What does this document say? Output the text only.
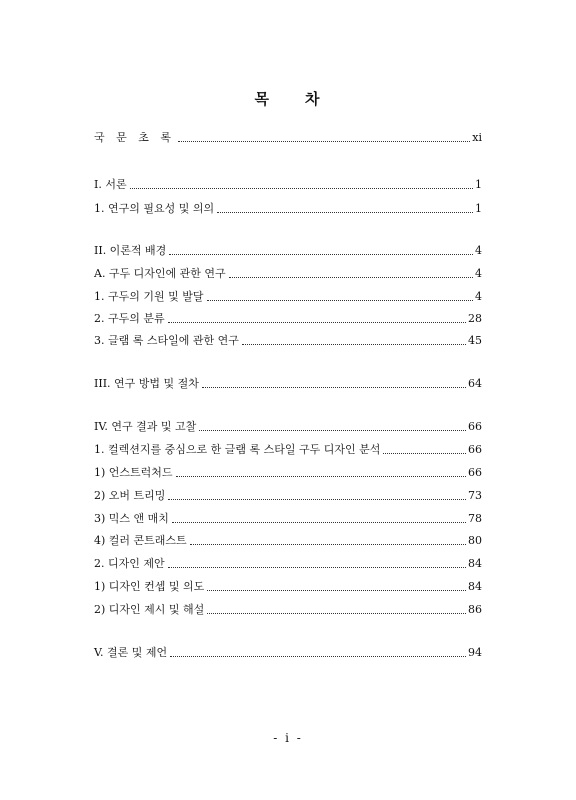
목 차
국 문 초 록	xi
I. 서론	1
1. 연구의 필요성 및 의의	1
II. 이론적 배경	4
A. 구두 디자인에 관한 연구	4
1. 구두의 기원 및 발달	4
2. 구두의 분류	28
3. 글램 록 스타일에 관한 연구	45
III. 연구 방법 및 절차	64
IV. 연구 결과 및 고찰	66
1. 컬렉션지를 중심으로 한 글램 록 스타일 구두 디자인 분석	66
1) 언스트럭처드	66
2) 오버 트리밍	73
3) 믹스 앤 매치	78
4) 컬러 콘트래스트	80
2. 디자인 제안	84
1) 디자인 컨셉 및 의도	84
2) 디자인 제시 및 해설	86
V. 결론 및 제언	94
- i -
